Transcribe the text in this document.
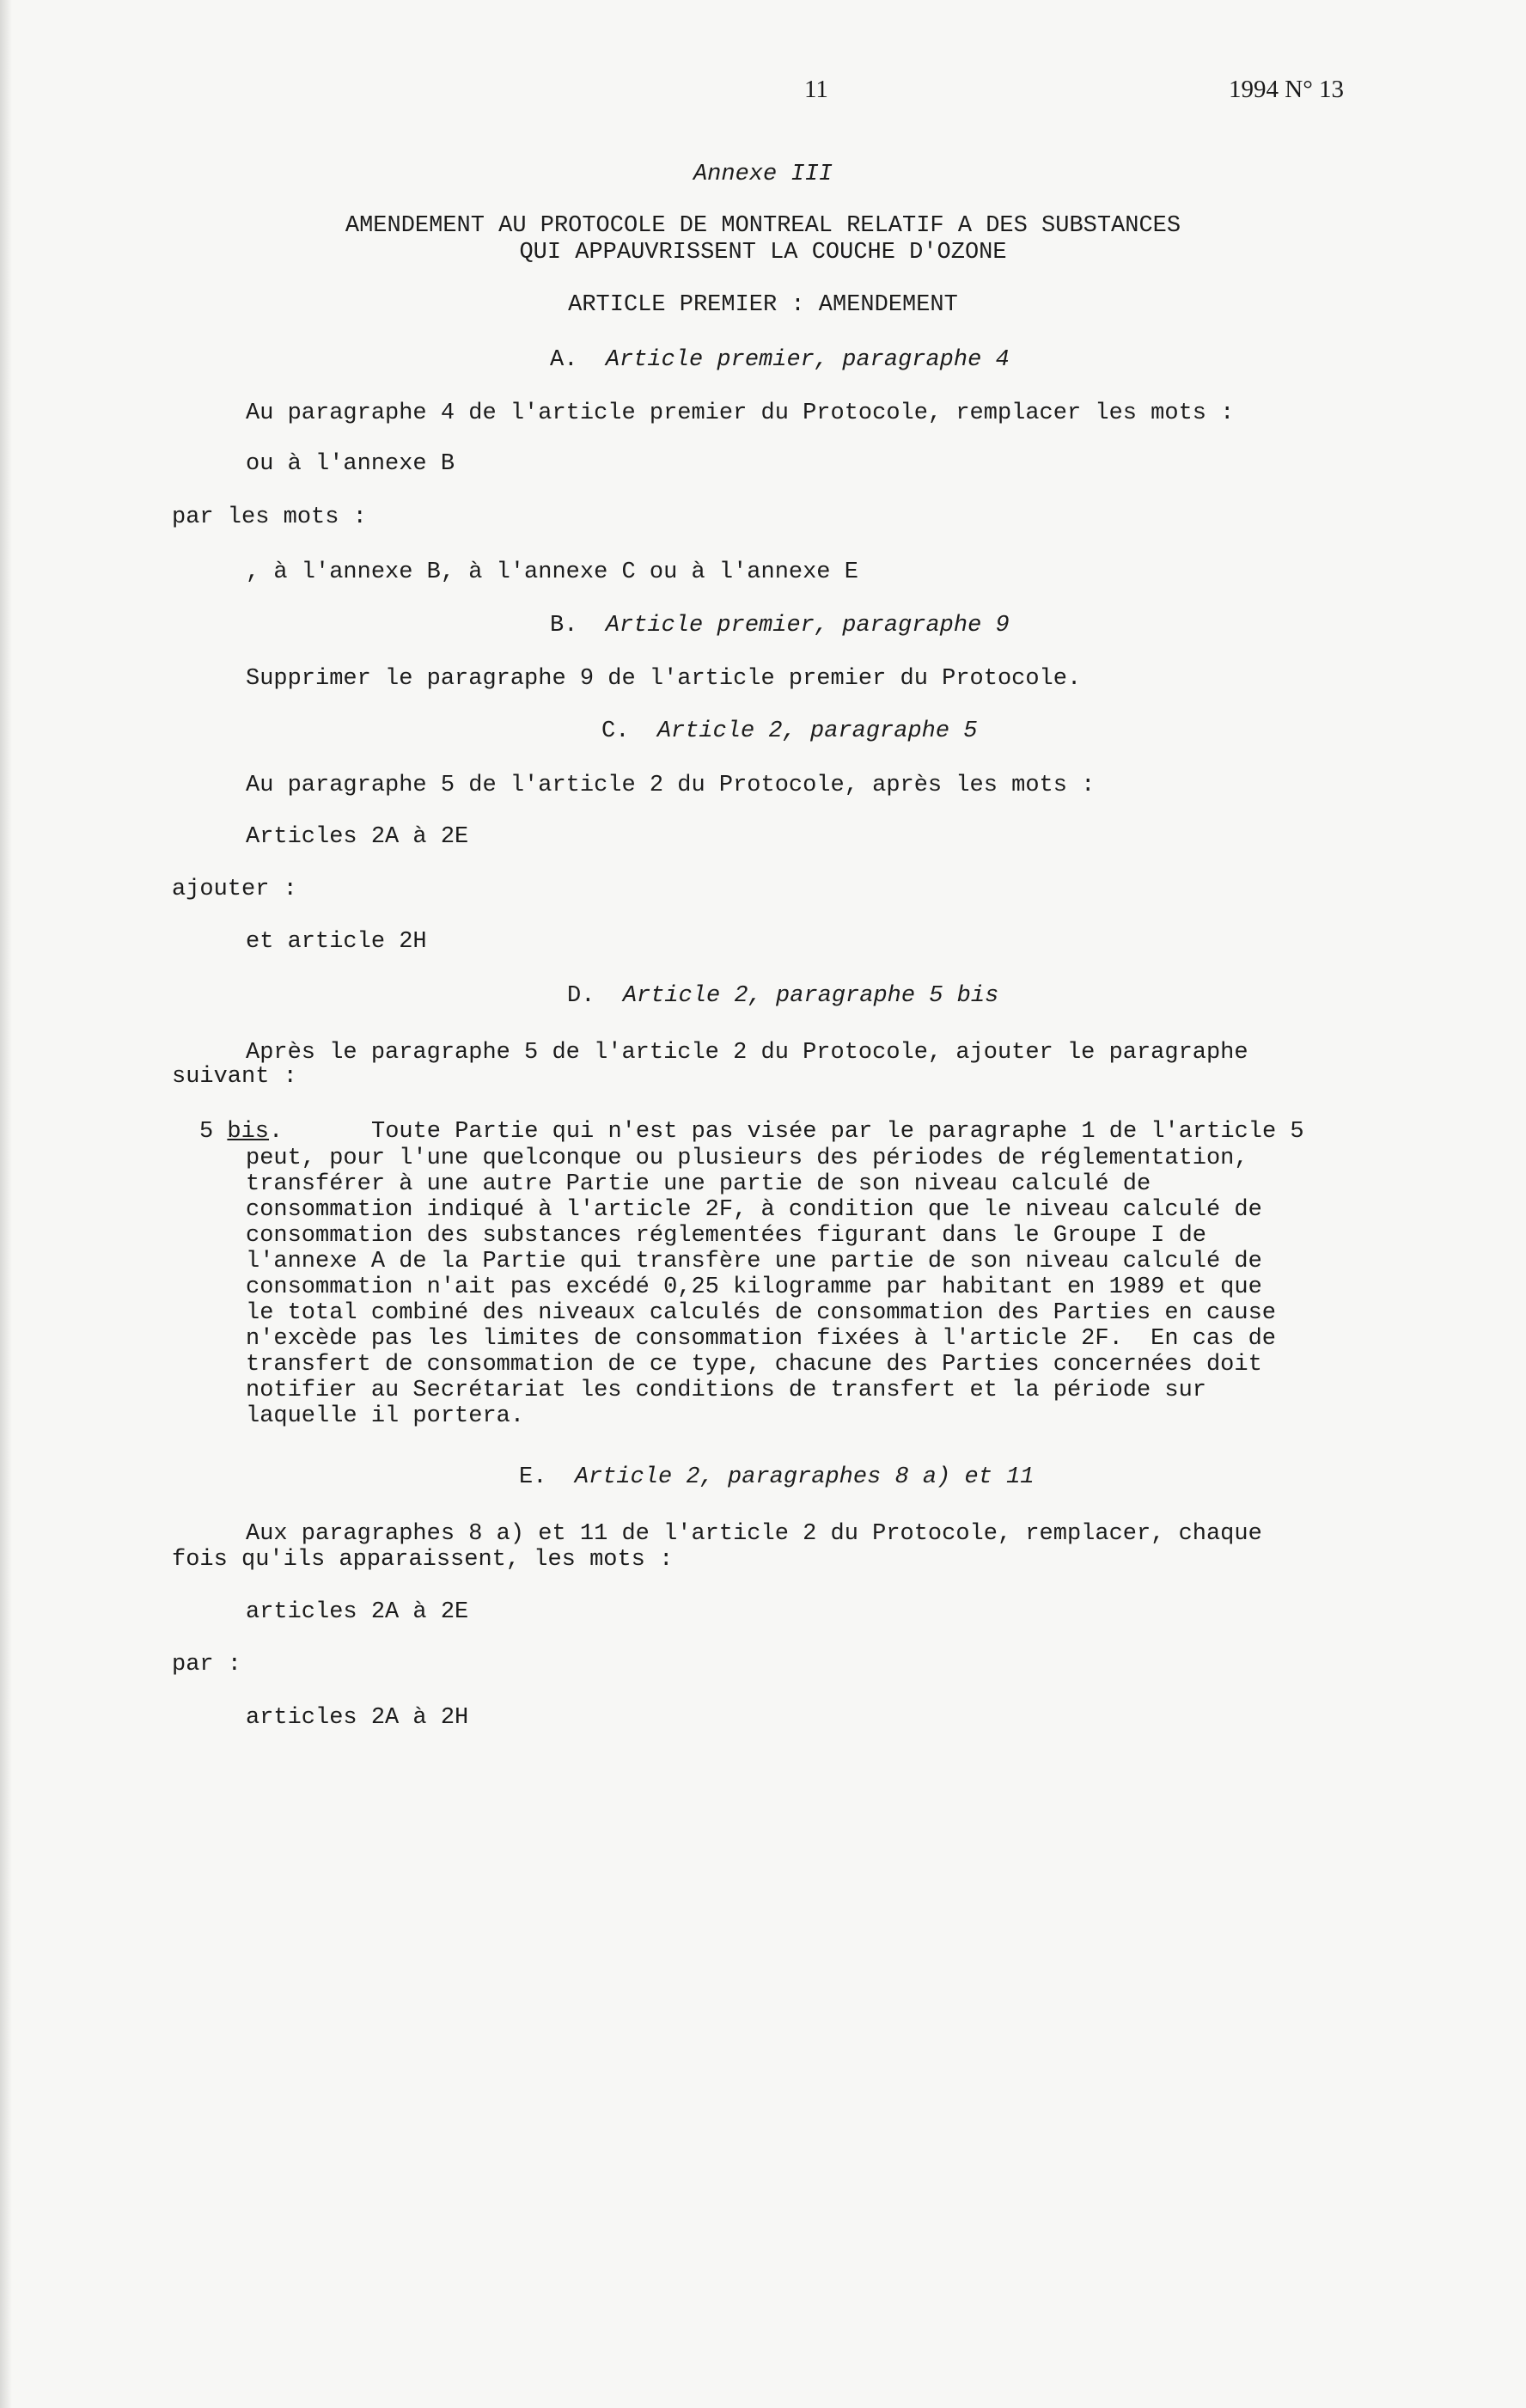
11	1994 N° 13
Annexe III
AMENDEMENT AU PROTOCOLE DE MONTREAL RELATIF A DES SUBSTANCES
QUI APPAUVRISSENT LA COUCHE D'OZONE
ARTICLE PREMIER : AMENDEMENT
A. Article premier, paragraphe 4
Au paragraphe 4 de l'article premier du Protocole, remplacer les mots :
ou à l'annexe B
par les mots :
, à l'annexe B, à l'annexe C ou à l'annexe E
B. Article premier, paragraphe 9
Supprimer le paragraphe 9 de l'article premier du Protocole.
C. Article 2, paragraphe 5
Au paragraphe 5 de l'article 2 du Protocole, après les mots :
Articles 2A à 2E
ajouter :
et article 2H
D. Article 2, paragraphe 5 bis
Après le paragraphe 5 de l'article 2 du Protocole, ajouter le paragraphe
suivant :
5 bis.	Toute Partie qui n'est pas visée par le paragraphe 1 de l'article 5
peut, pour l'une quelconque ou plusieurs des périodes de réglementation,
transférer à une autre Partie une partie de son niveau calculé de
consommation indiqué à l'article 2F, à condition que le niveau calculé de
consommation des substances réglementées figurant dans le Groupe I de
l'annexe A de la Partie qui transfère une partie de son niveau calculé de
consommation n'ait pas excédé 0,25 kilogramme par habitant en 1989 et que
le total combiné des niveaux calculés de consommation des Parties en cause
n'excède pas les limites de consommation fixées à l'article 2F.  En cas de
transfert de consommation de ce type, chacune des Parties concernées doit
notifier au Secrétariat les conditions de transfert et la période sur
laquelle il portera.
E. Article 2, paragraphes 8 a) et 11
Aux paragraphes 8 a) et 11 de l'article 2 du Protocole, remplacer, chaque
fois qu'ils apparaissent, les mots :
articles 2A à 2E
par :
articles 2A à 2H
